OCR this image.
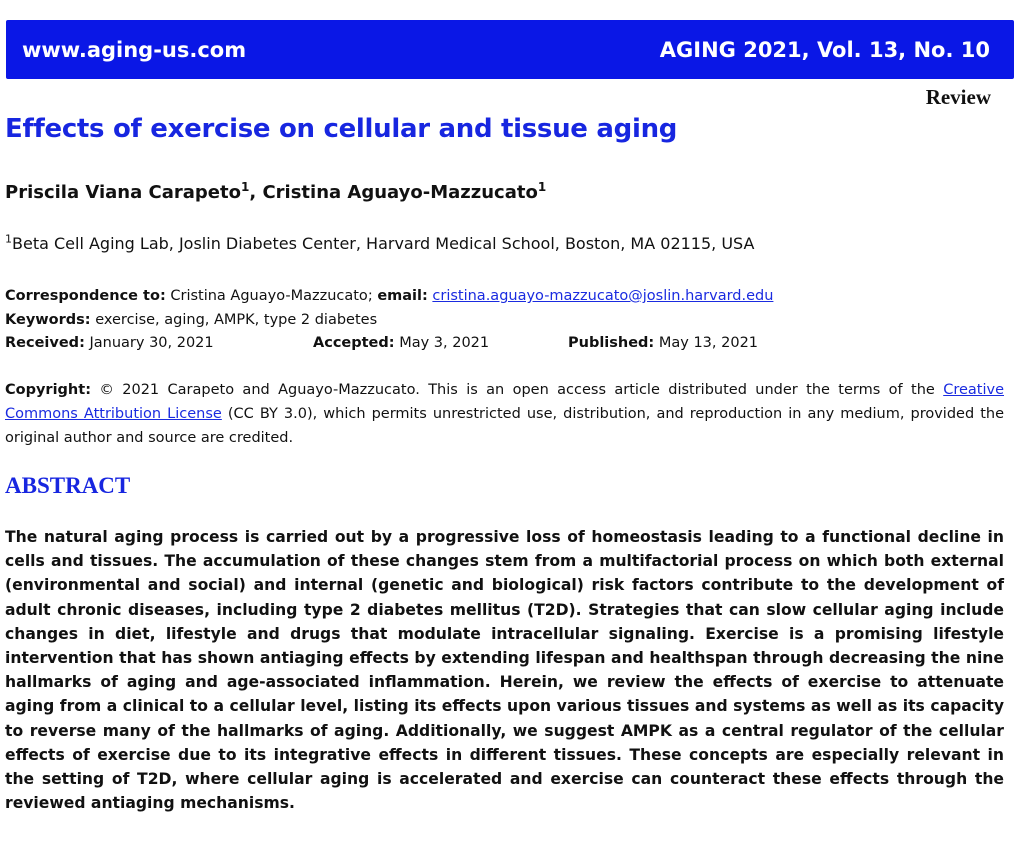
www.aging-us.com	AGING 2021, Vol. 13, No. 10
Review
Effects of exercise on cellular and tissue aging
Priscila Viana Carapeto$^1$, Cristina Aguayo-Mazzucato$^1$
$^1$Beta Cell Aging Lab, Joslin Diabetes Center, Harvard Medical School, Boston, MA 02115, USA
Correspondence to: Cristina Aguayo-Mazzucato; email: cristina.aguayo-mazzucato@joslin.harvard.edu
Keywords: exercise, aging, AMPK, type 2 diabetes
Received: January 30, 2021	Accepted: May 3, 2021	Published: May 13, 2021

Copyright: © 2021 Carapeto and Aguayo-Mazzucato. This is an open access article distributed under the terms of the Creative Commons Attribution License (CC BY 3.0), which permits unrestricted use, distribution, and reproduction in any medium, provided the original author and source are credited.

ABSTRACT

The natural aging process is carried out by a progressive loss of homeostasis leading to a functional decline in cells and tissues. The accumulation of these changes stem from a multifactorial process on which both external (environmental and social) and internal (genetic and biological) risk factors contribute to the development of adult chronic diseases, including type 2 diabetes mellitus (T2D). Strategies that can slow cellular aging include changes in diet, lifestyle and drugs that modulate intracellular signaling. Exercise is a promising lifestyle intervention that has shown antiaging effects by extending lifespan and healthspan through decreasing the nine hallmarks of aging and age-associated inflammation. Herein, we review the effects of exercise to attenuate aging from a clinical to a cellular level, listing its effects upon various tissues and systems as well as its capacity to reverse many of the hallmarks of aging. Additionally, we suggest AMPK as a central regulator of the cellular effects of exercise due to its integrative effects in different tissues. These concepts are especially relevant in the setting of T2D, where cellular aging is accelerated and exercise can counteract these effects through the reviewed antiaging mechanisms.
